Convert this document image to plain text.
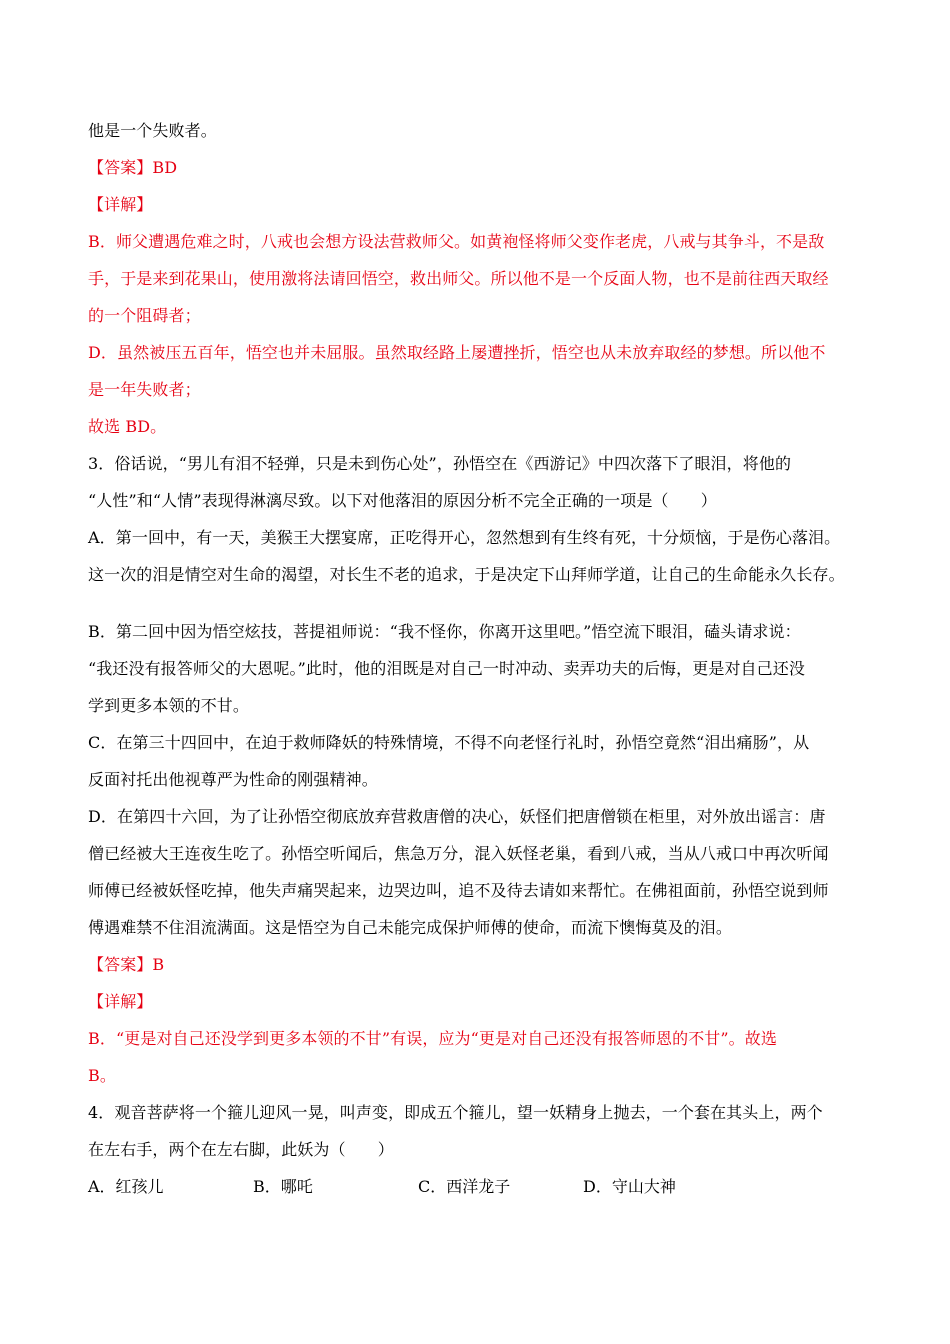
他是一个失败者。
【答案】BD
【详解】
B．师父遭遇危难之时，八戒也会想方设法营救师父。如黄袍怪将师父变作老虎，八戒与其争斗，不是敌
手，于是来到花果山，使用激将法请回悟空，救出师父。所以他不是一个反面人物，也不是前往西天取经
的一个阻碍者；
D．虽然被压五百年，悟空也并未屈服。虽然取经路上屡遭挫折，悟空也从未放弃取经的梦想。所以他不
是一年失败者；
故选 BD。
3．俗话说，“男儿有泪不轻弹，只是未到伤心处”，孙悟空在《西游记》中四次落下了眼泪，将他的
“人性”和“人情”表现得淋漓尽致。以下对他落泪的原因分析不完全正确的一项是（　　）
A．第一回中，有一天，美猴王大摆宴席，正吃得开心，忽然想到有生终有死，十分烦恼，于是伤心落泪。
这一次的泪是情空对生命的渴望，对长生不老的追求，于是决定下山拜师学道，让自己的生命能永久长存。
B．第二回中因为悟空炫技，菩提祖师说：“我不怪你，你离开这里吧。”悟空流下眼泪，磕头请求说：
“我还没有报答师父的大恩呢。”此时，他的泪既是对自己一时冲动、卖弄功夫的后悔，更是对自己还没
学到更多本领的不甘。
C．在第三十四回中，在迫于救师降妖的特殊情境，不得不向老怪行礼时，孙悟空竟然“泪出痛肠”，从
反面衬托出他视尊严为性命的刚强精神。
D．在第四十六回，为了让孙悟空彻底放弃营救唐僧的决心，妖怪们把唐僧锁在柜里，对外放出谣言：唐
僧已经被大王连夜生吃了。孙悟空听闻后，焦急万分，混入妖怪老巢，看到八戒，当从八戒口中再次听闻
师傅已经被妖怪吃掉，他失声痛哭起来，边哭边叫，追不及待去请如来帮忙。在佛祖面前，孙悟空说到师
傅遇难禁不住泪流满面。这是悟空为自己未能完成保护师傅的使命，而流下懊悔莫及的泪。
【答案】B
【详解】
B．“更是对自己还没学到更多本领的不甘”有误，应为“更是对自己还没有报答师恩的不甘”。故选
B。
4．观音菩萨将一个箍儿迎风一晃，叫声变，即成五个箍儿，望一妖精身上抛去，一个套在其头上，两个
在左右手，两个在左右脚，此妖为（　　）
A．红孩儿	B．哪吒	C．西洋龙子	D．守山大神
